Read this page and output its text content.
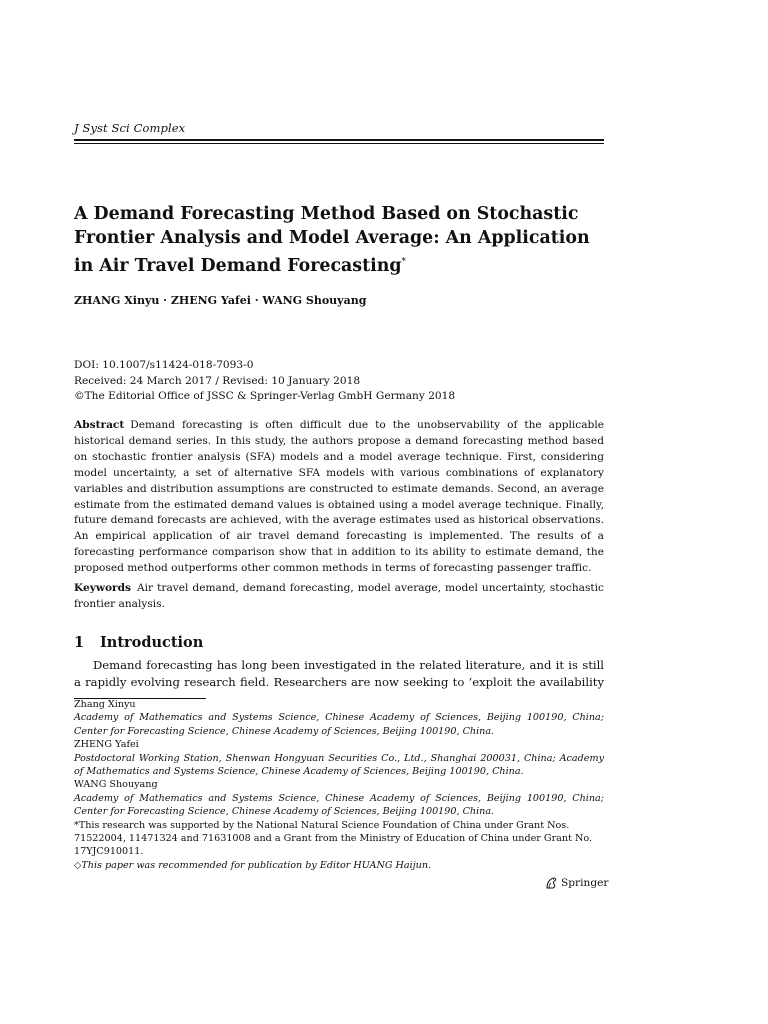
J Syst Sci Complex
A Demand Forecasting Method Based on Stochastic Frontier Analysis and Model Average: An Application in Air Travel Demand Forecasting*
ZHANG Xinyu · ZHENG Yafei · WANG Shouyang
DOI: 10.1007/s11424-018-7093-0
Received: 24 March 2017 / Revised: 10 January 2018
©The Editorial Office of JSSC & Springer-Verlag GmbH Germany 2018
Abstract Demand forecasting is often difficult due to the unobservability of the applicable historical demand series. In this study, the authors propose a demand forecasting method based on stochastic frontier analysis (SFA) models and a model average technique. First, considering model uncertainty, a set of alternative SFA models with various combinations of explanatory variables and distribution assumptions are constructed to estimate demands. Second, an average estimate from the estimated demand values is obtained using a model average technique. Finally, future demand forecasts are achieved, with the average estimates used as historical observations. An empirical application of air travel demand forecasting is implemented. The results of a forecasting performance comparison show that in addition to its ability to estimate demand, the proposed method outperforms other common methods in terms of forecasting passenger traffic.
Keywords Air travel demand, demand forecasting, model average, model uncertainty, stochastic frontier analysis.
1 Introduction
Demand forecasting has long been investigated in the related literature, and it is still a rapidly evolving research field. Researchers are now seeking to ‘exploit the availability
Zhang Xinyu
Academy of Mathematics and Systems Science, Chinese Academy of Sciences, Beijing 100190, China; Center for Forecasting Science, Chinese Academy of Sciences, Beijing 100190, China.
ZHENG Yafei
Postdoctoral Working Station, Shenwan Hongyuan Securities Co., Ltd., Shanghai 200031, China; Academy of Mathematics and Systems Science, Chinese Academy of Sciences, Beijing 100190, China.
WANG Shouyang
Academy of Mathematics and Systems Science, Chinese Academy of Sciences, Beijing 100190, China; Center for Forecasting Science, Chinese Academy of Sciences, Beijing 100190, China.
*This research was supported by the National Natural Science Foundation of China under Grant Nos. 71522004, 11471324 and 71631008 and a Grant from the Ministry of Education of China under Grant No. 17YJC910011.
◇This paper was recommended for publication by Editor HUANG Haijun.
Springer
